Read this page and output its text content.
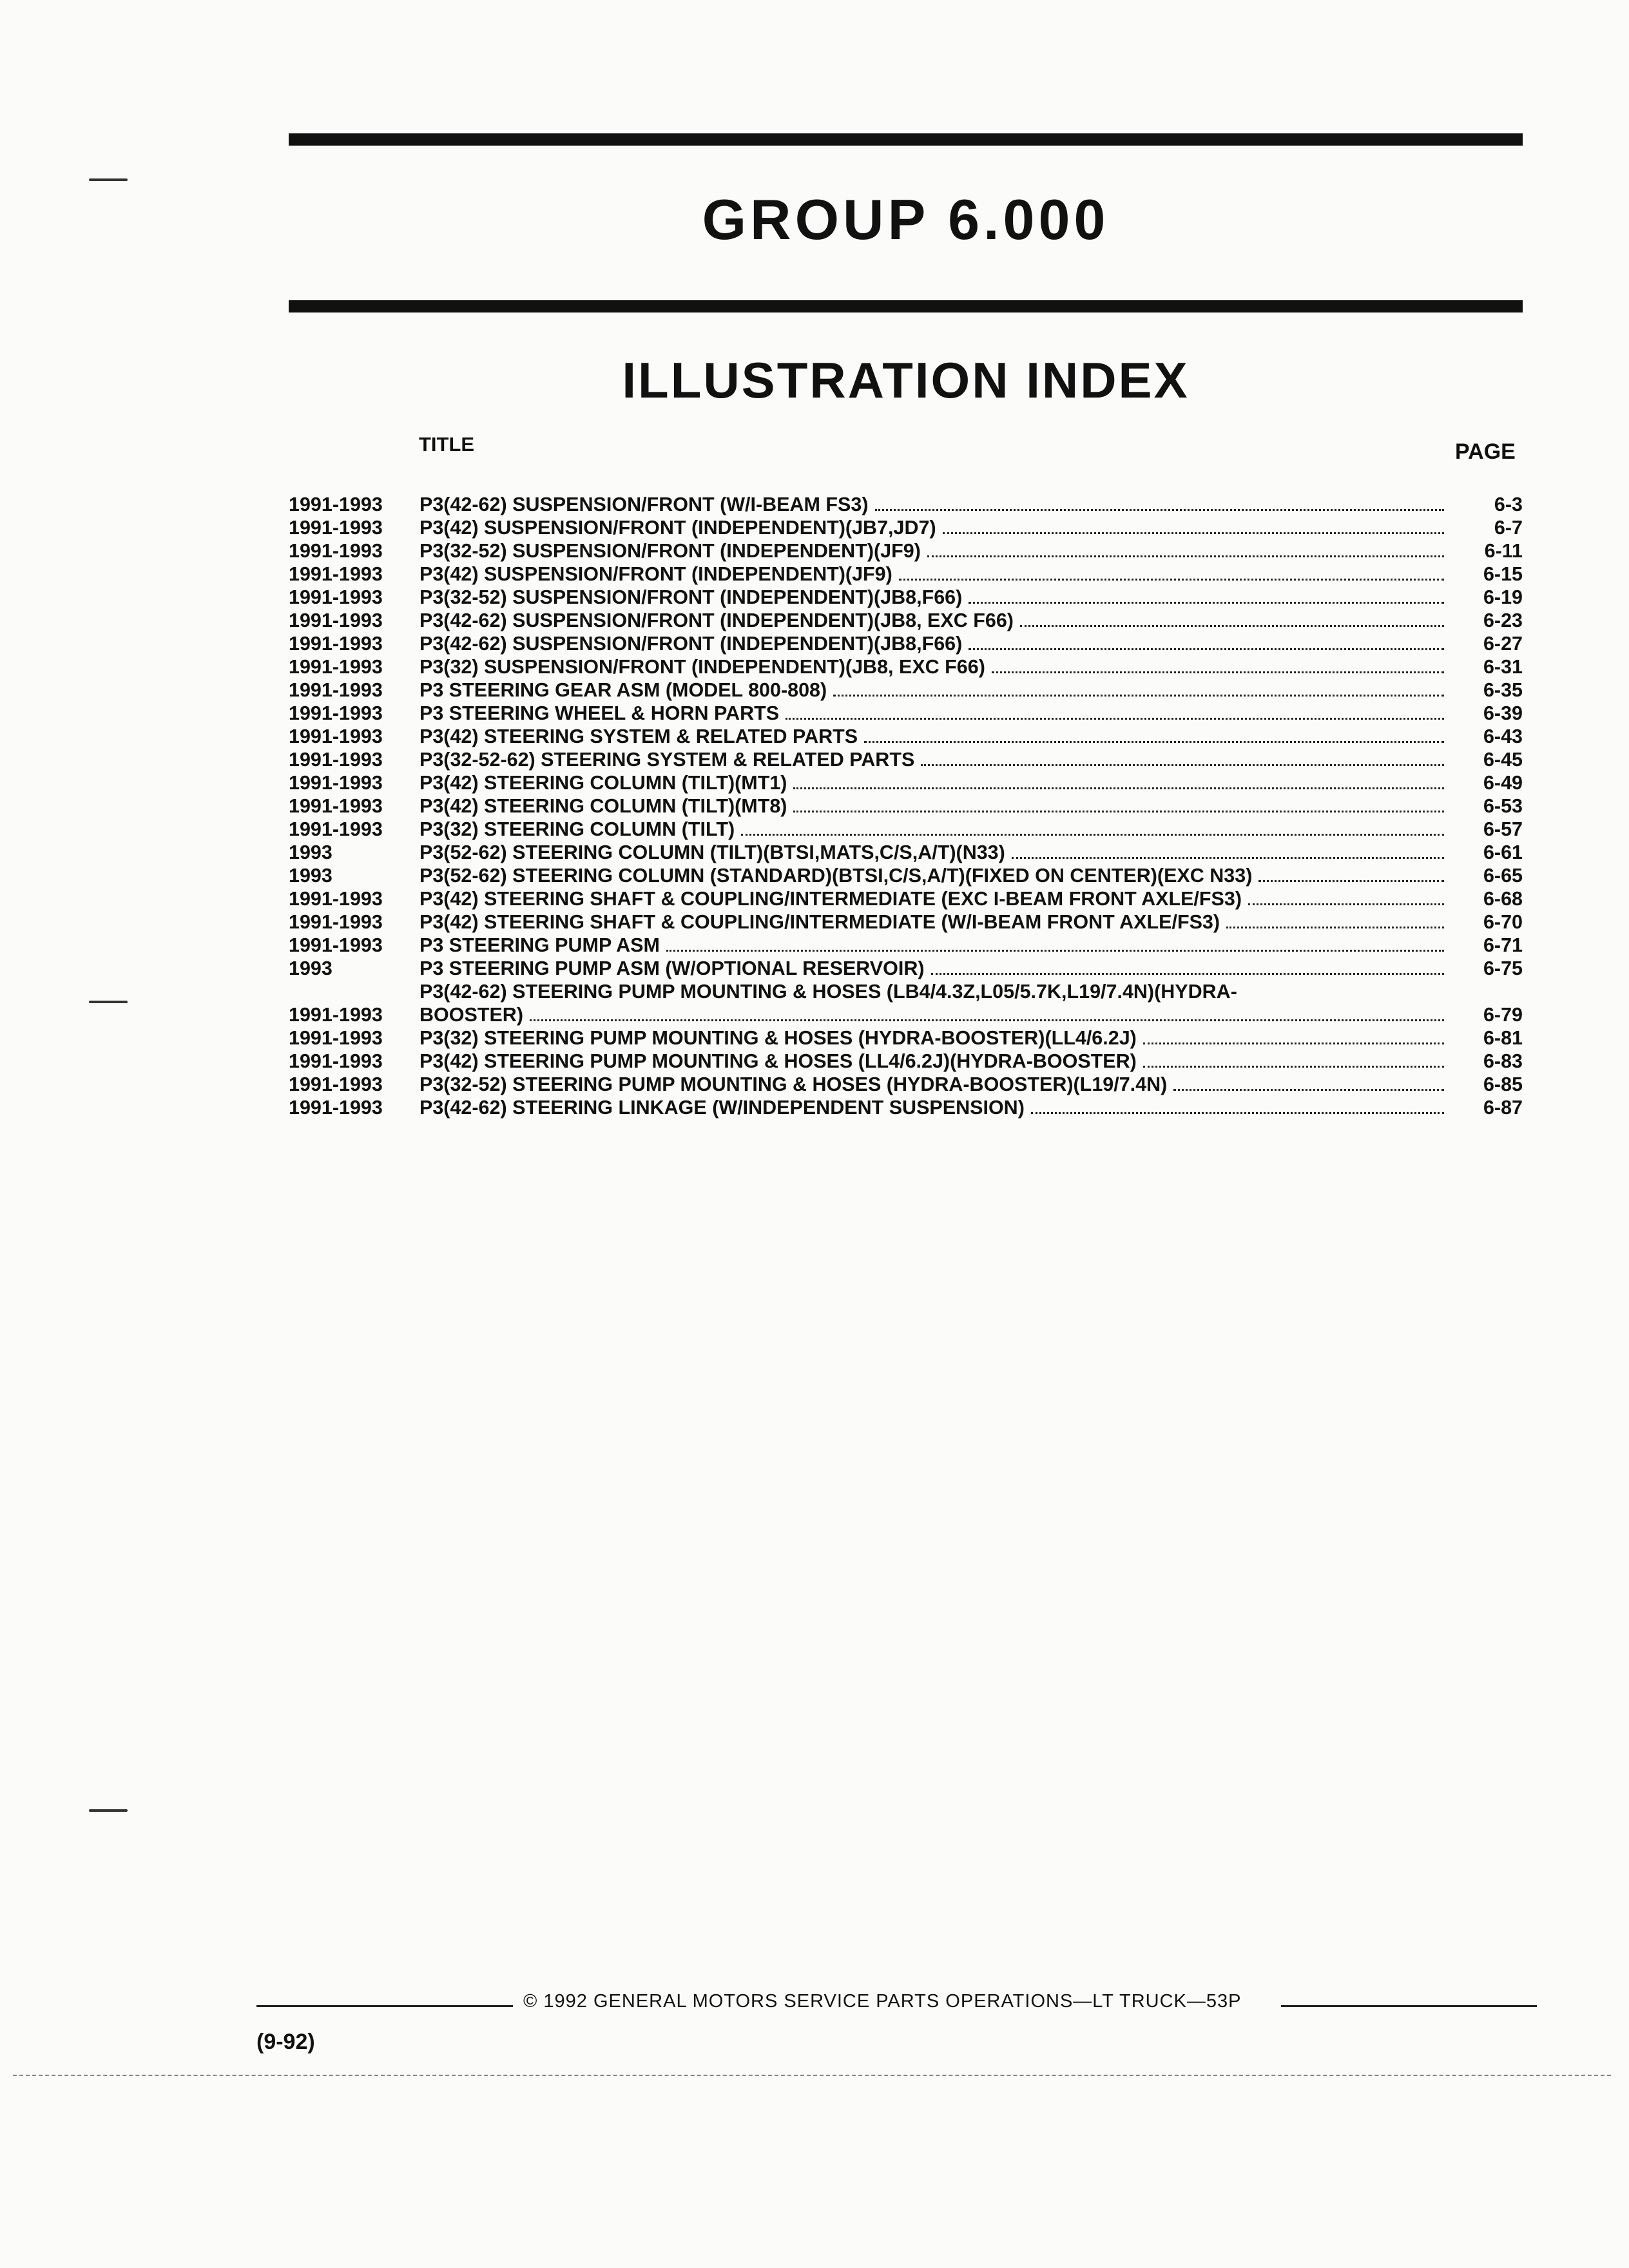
GROUP 6.000
ILLUSTRATION INDEX
TITLE	PAGE
1991-1993	P3(42-62) SUSPENSION/FRONT (W/I-BEAM FS3)	6-3
1991-1993	P3(42) SUSPENSION/FRONT (INDEPENDENT)(JB7,JD7)	6-7
1991-1993	P3(32-52) SUSPENSION/FRONT (INDEPENDENT)(JF9)	6-11
1991-1993	P3(42) SUSPENSION/FRONT (INDEPENDENT)(JF9)	6-15
1991-1993	P3(32-52) SUSPENSION/FRONT (INDEPENDENT)(JB8,F66)	6-19
1991-1993	P3(42-62) SUSPENSION/FRONT (INDEPENDENT)(JB8, EXC F66)	6-23
1991-1993	P3(42-62) SUSPENSION/FRONT (INDEPENDENT)(JB8,F66)	6-27
1991-1993	P3(32) SUSPENSION/FRONT (INDEPENDENT)(JB8, EXC F66)	6-31
1991-1993	P3 STEERING GEAR ASM (MODEL 800-808)	6-35
1991-1993	P3 STEERING WHEEL & HORN PARTS	6-39
1991-1993	P3(42) STEERING SYSTEM & RELATED PARTS	6-43
1991-1993	P3(32-52-62) STEERING SYSTEM & RELATED PARTS	6-45
1991-1993	P3(42) STEERING COLUMN (TILT)(MT1)	6-49
1991-1993	P3(42) STEERING COLUMN (TILT)(MT8)	6-53
1991-1993	P3(32) STEERING COLUMN (TILT)	6-57
1993	P3(52-62) STEERING COLUMN (TILT)(BTSI,MATS,C/S,A/T)(N33)	6-61
1993	P3(52-62) STEERING COLUMN (STANDARD)(BTSI,C/S,A/T)(FIXED ON CENTER)(EXC N33)	6-65
1991-1993	P3(42) STEERING SHAFT & COUPLING/INTERMEDIATE (EXC I-BEAM FRONT AXLE/FS3)	6-68
1991-1993	P3(42) STEERING SHAFT & COUPLING/INTERMEDIATE (W/I-BEAM FRONT AXLE/FS3)	6-70
1991-1993	P3 STEERING PUMP ASM	6-71
1993	P3 STEERING PUMP ASM (W/OPTIONAL RESERVOIR)	6-75
1991-1993
P3(42-62) STEERING PUMP MOUNTING & HOSES (LB4/4.3Z,L05/5.7K,L19/7.4N)(HYDRA-
BOOSTER)	6-79
1991-1993	P3(32) STEERING PUMP MOUNTING & HOSES (HYDRA-BOOSTER)(LL4/6.2J)	6-81
1991-1993	P3(42) STEERING PUMP MOUNTING & HOSES (LL4/6.2J)(HYDRA-BOOSTER)	6-83
1991-1993	P3(32-52) STEERING PUMP MOUNTING & HOSES (HYDRA-BOOSTER)(L19/7.4N)	6-85
1991-1993	P3(42-62) STEERING LINKAGE (W/INDEPENDENT SUSPENSION)	6-87
© 1992 GENERAL MOTORS SERVICE PARTS OPERATIONS—LT TRUCK—53P
(9-92)
